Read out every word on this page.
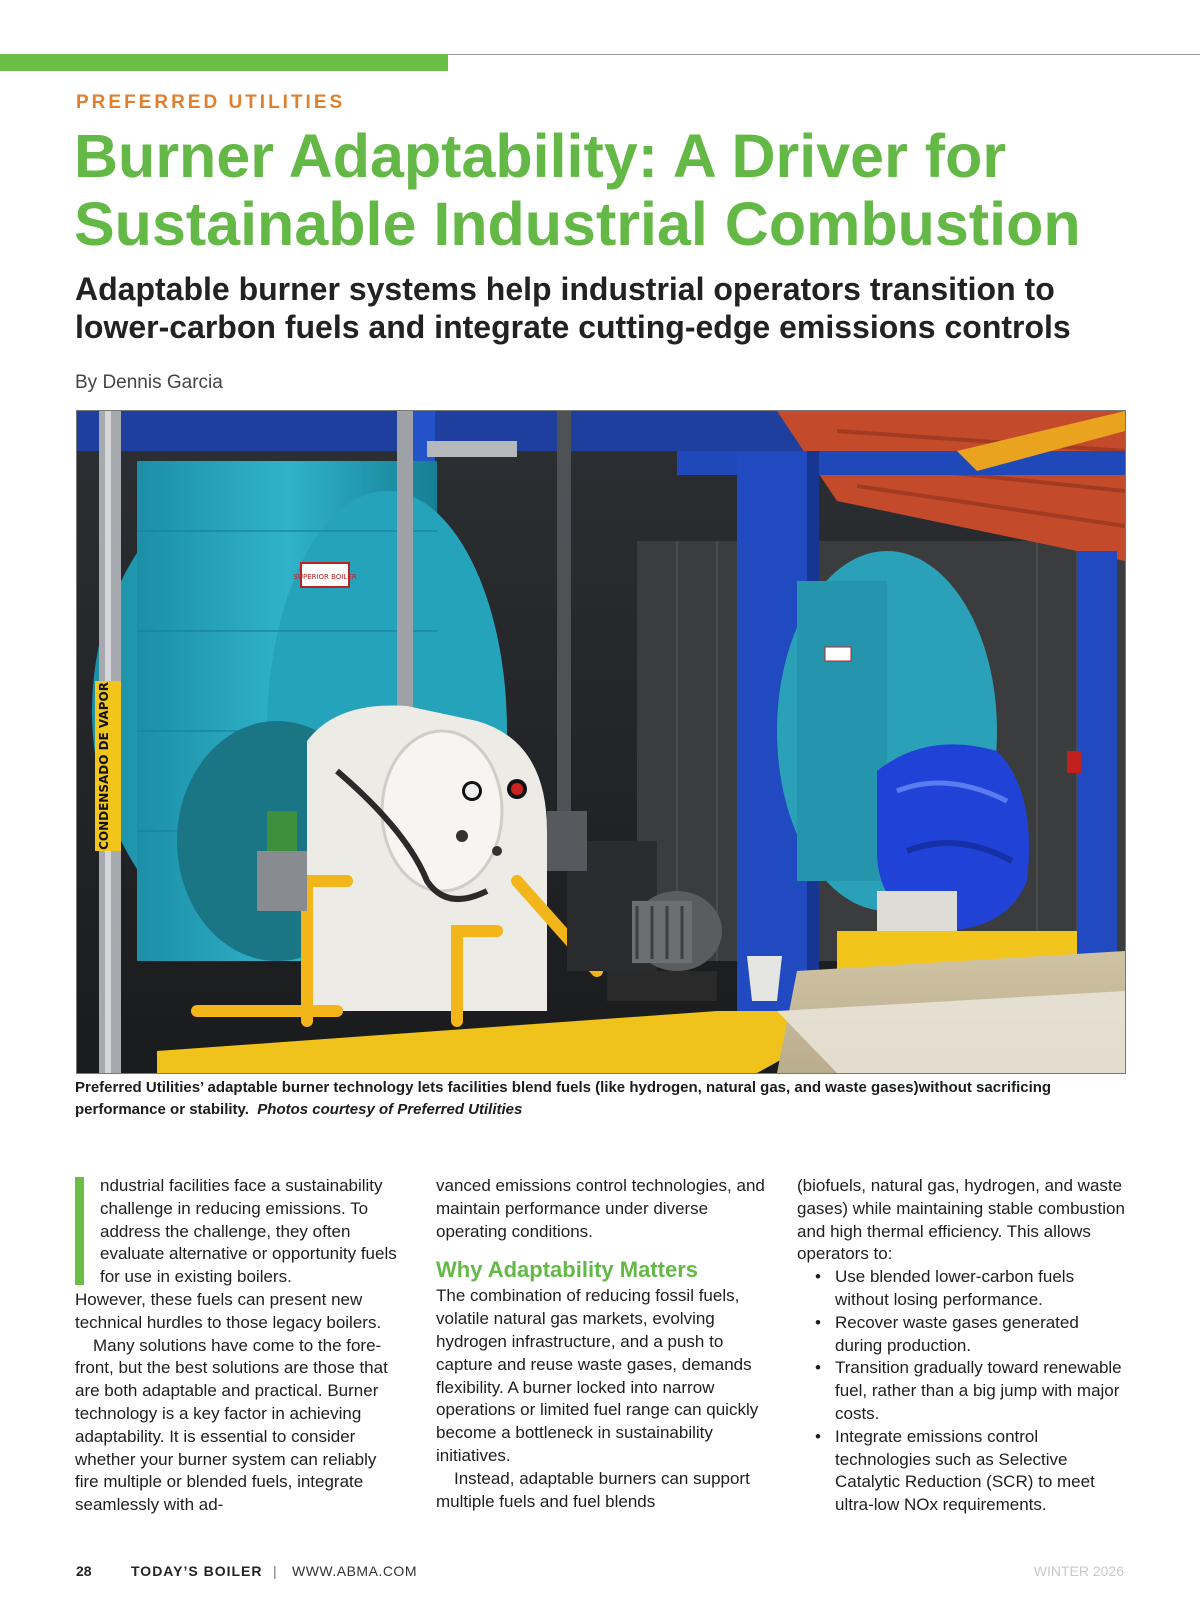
PREFERRED UTILITIES
Burner Adaptability: A Driver for Sustainable Industrial Combustion
Adaptable burner systems help industrial operators transition to lower-carbon fuels and integrate cutting-edge emissions controls
By Dennis Garcia
SUPERIOR BOILER
CONDENSADO DE VAPOR
Preferred Utilities’ adaptable burner technology lets facilities blend fuels (like hydrogen, natural gas, and waste gases)without sacrificing performance or stability. Photos courtesy of Preferred Utilities

ndustrial facilities face a sustainability challenge in reducing emissions. To address the challenge, they often evaluate alternative or opportunity fuels for use in existing boilers.

However, these fuels can present new technical hurdles to those legacy boilers.

Many solutions have come to the fore-front, but the best solutions are those that are both adaptable and practical. Burner technology is a key factor in achieving adaptability. It is essential to consider whether your burner system can reliably fire multiple or blended fuels, integrate seamlessly with ad-

vanced emissions control technologies, and maintain performance under diverse operating conditions.

Why Adaptability Matters

The combination of reducing fossil fuels, volatile natural gas markets, evolving hydrogen infrastructure, and a push to capture and reuse waste gases, demands flexibility. A burner locked into narrow operations or limited fuel range can quickly become a bottleneck in sustainability initiatives.

Instead, adaptable burners can support multiple fuels and fuel blends

(biofuels, natural gas, hydrogen, and waste gases) while maintaining stable combustion and high thermal efficiency. This allows operators to:

• Use blended lower-carbon fuels without losing performance.
• Recover waste gases generated during production.
• Transition gradually toward renewable fuel, rather than a big jump with major costs.
• Integrate emissions control technologies such as Selective Catalytic Reduction (SCR) to meet ultra-low NOx requirements.
28	TODAY’S BOILER | WWW.ABMA.COM	WINTER 2026
